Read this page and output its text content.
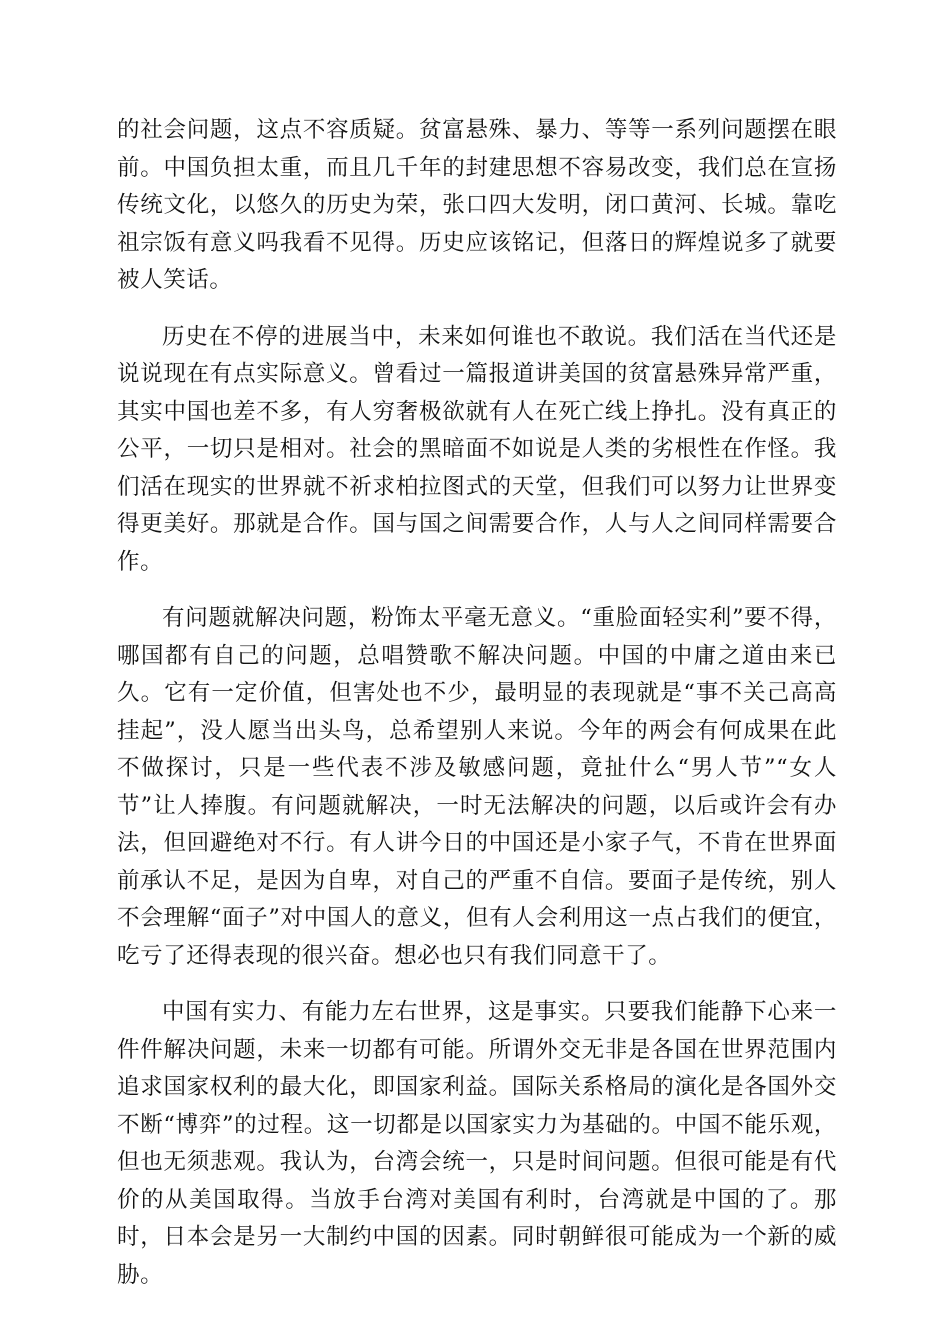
的社会问题，这点不容质疑。贫富悬殊、暴力、等等一系列问题摆在眼前。中国负担太重，而且几千年的封建思想不容易改变，我们总在宣扬传统文化，以悠久的历史为荣，张口四大发明，闭口黄河、长城。靠吃祖宗饭有意义吗我看不见得。历史应该铭记，但落日的辉煌说多了就要被人笑话。

历史在不停的进展当中，未来如何谁也不敢说。我们活在当代还是说说现在有点实际意义。曾看过一篇报道讲美国的贫富悬殊异常严重，其实中国也差不多，有人穷奢极欲就有人在死亡线上挣扎。没有真正的公平，一切只是相对。社会的黑暗面不如说是人类的劣根性在作怪。我们活在现实的世界就不祈求柏拉图式的天堂，但我们可以努力让世界变得更美好。那就是合作。国与国之间需要合作，人与人之间同样需要合作。

有问题就解决问题，粉饰太平毫无意义。“重脸面轻实利”要不得，哪国都有自己的问题，总唱赞歌不解决问题。中国的中庸之道由来已久。它有一定价值，但害处也不少，最明显的表现就是“事不关己高高挂起”，没人愿当出头鸟，总希望别人来说。今年的两会有何成果在此不做探讨，只是一些代表不涉及敏感问题，竟扯什么“男人节”“女人节”让人捧腹。有问题就解决，一时无法解决的问题，以后或许会有办法，但回避绝对不行。有人讲今日的中国还是小家子气，不肯在世界面前承认不足，是因为自卑，对自己的严重不自信。要面子是传统，别人不会理解“面子”对中国人的意义，但有人会利用这一点占我们的便宜，吃亏了还得表现的很兴奋。想必也只有我们同意干了。

中国有实力、有能力左右世界，这是事实。只要我们能静下心来一件件解决问题，未来一切都有可能。所谓外交无非是各国在世界范围内追求国家权利的最大化，即国家利益。国际关系格局的演化是各国外交不断“博弈”的过程。这一切都是以国家实力为基础的。中国不能乐观，但也无须悲观。我认为，台湾会统一，只是时间问题。但很可能是有代价的从美国取得。当放手台湾对美国有利时，台湾就是中国的了。那时，日本会是另一大制约中国的因素。同时朝鲜很可能成为一个新的威胁。
